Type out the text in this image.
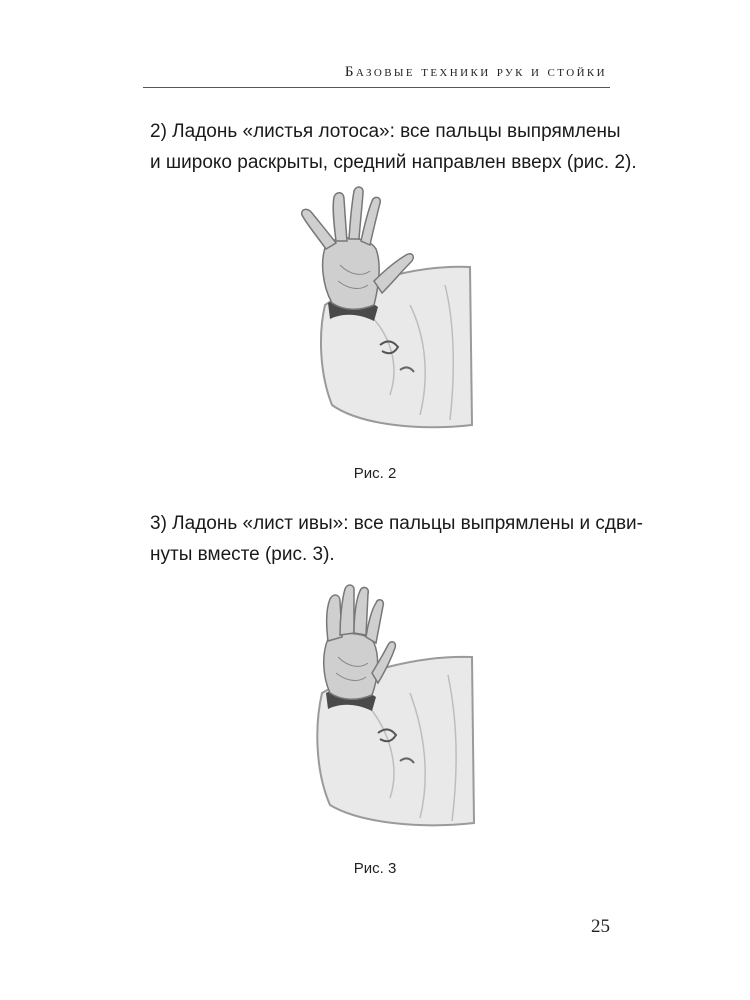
Базовые техники рук и стойки
2) Ладонь «листья лотоса»: все пальцы выпрямлены
и широко раскрыты, средний направлен вверх (рис. 2).
Рис. 2
3) Ладонь «лист ивы»: все пальцы выпрямлены и сдви-
нуты вместе (рис. 3).
Рис. 3
25
